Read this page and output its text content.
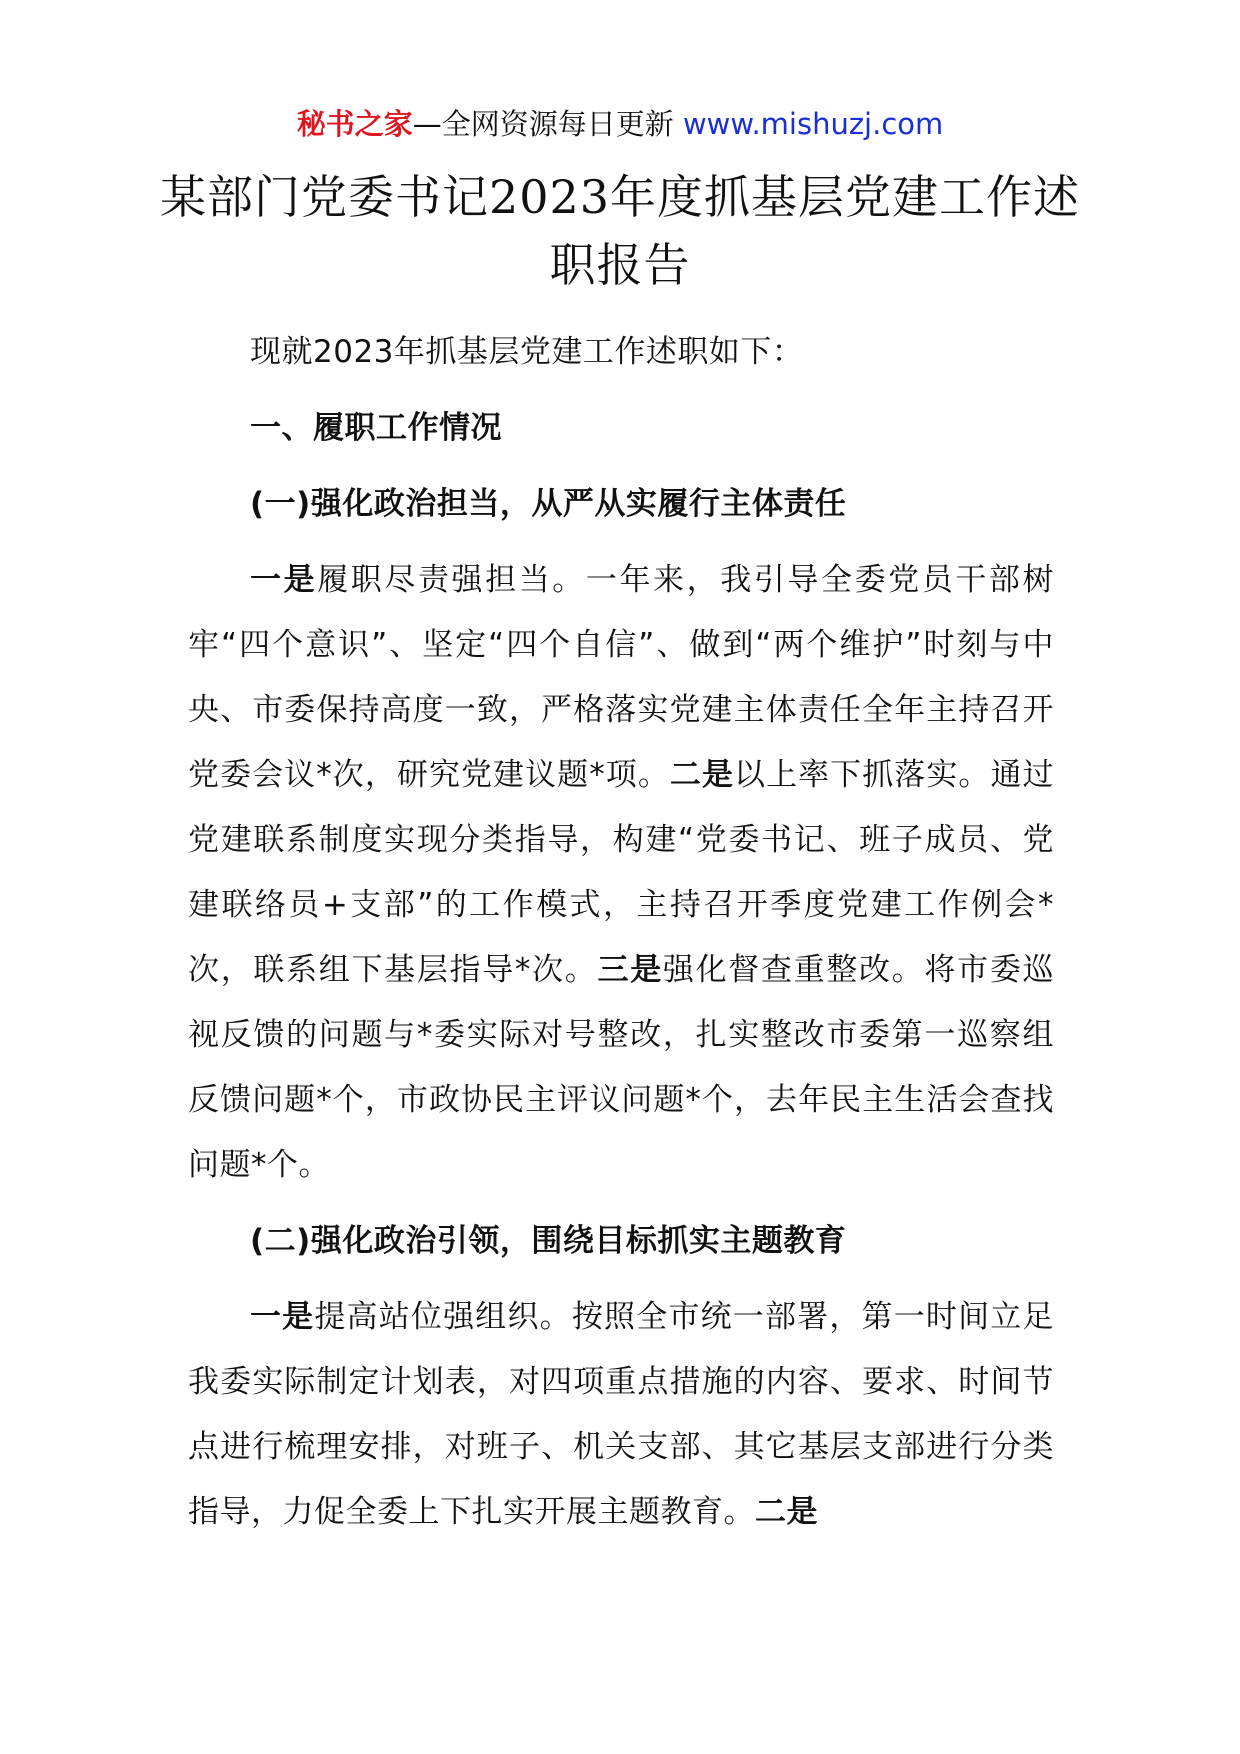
秘书之家—全网资源每日更新 www.mishuzj.com
某部门党委书记2023年度抓基层党建工作述职报告

现就2023年抓基层党建工作述职如下：

一、履职工作情况

(一)强化政治担当，从严从实履行主体责任

一是履职尽责强担当。一年来，我引导全委党员干部树牢“四个意识”、坚定“四个自信”、做到“两个维护”时刻与中央、市委保持高度一致，严格落实党建主体责任全年主持召开党委会议*次，研究党建议题*项。二是以上率下抓落实。通过党建联系制度实现分类指导，构建“党委书记、班子成员、党建联络员+支部”的工作模式，主持召开季度党建工作例会*次，联系组下基层指导*次。三是强化督查重整改。将市委巡视反馈的问题与*委实际对号整改，扎实整改市委第一巡察组反馈问题*个，市政协民主评议问题*个，去年民主生活会查找问题*个。

(二)强化政治引领，围绕目标抓实主题教育

一是提高站位强组织。按照全市统一部署，第一时间立足我委实际制定计划表，对四项重点措施的内容、要求、时间节点进行梳理安排，对班子、机关支部、其它基层支部进行分类指导，力促全委上下扎实开展主题教育。二是
